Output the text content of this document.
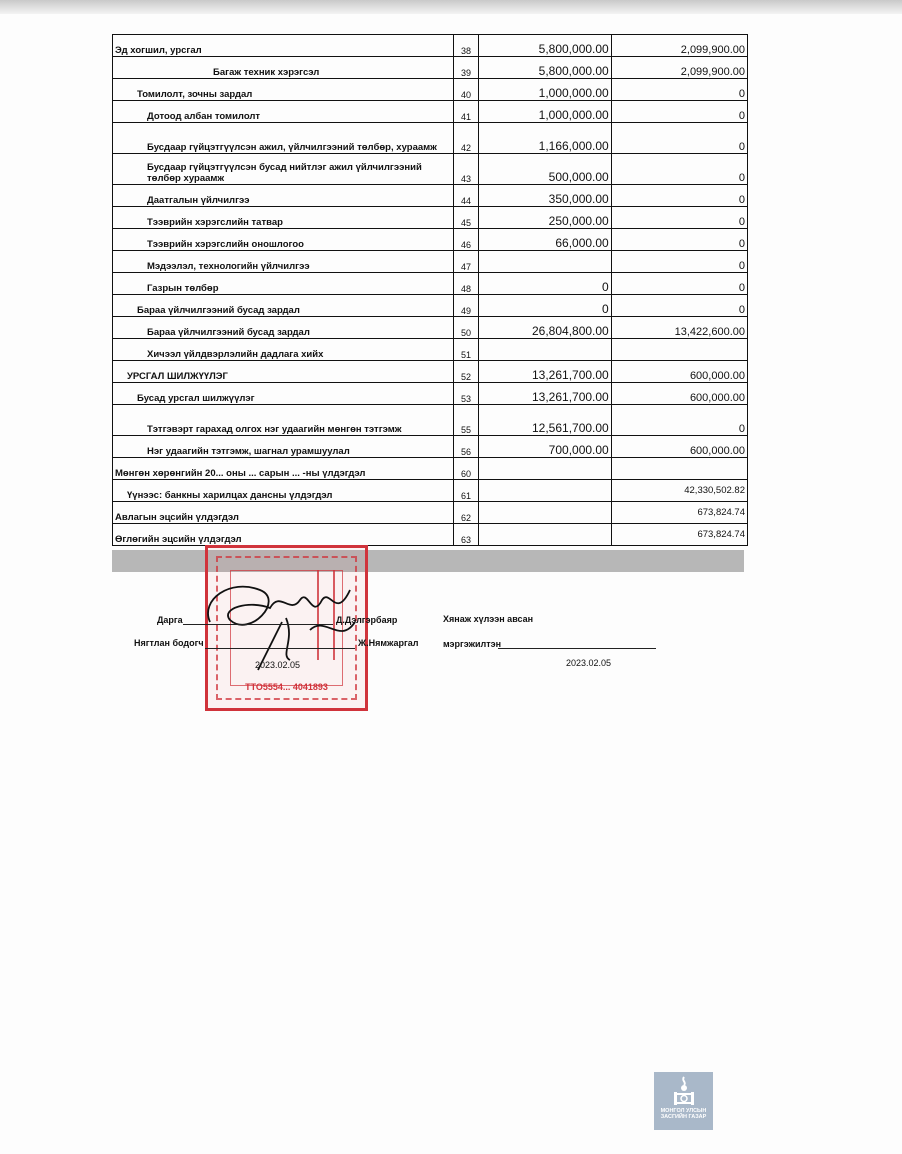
Эд хогшил, урсгал	38	5,800,000.00	2,099,900.00
Багаж техник хэрэгсэл	39	5,800,000.00	2,099,900.00
Томилолт, зочны зардал	40	1,000,000.00	0
Дотоод албан томилолт	41	1,000,000.00	0
Бусдаар гүйцэтгүүлсэн ажил, үйлчилгээний төлбөр, хураамж	42	1,166,000.00	0
Бусдаар гүйцэтгүүлсэн бусад нийтлэг ажил үйлчилгээний төлбөр хураамж	43	500,000.00	0
Даатгалын үйлчилгээ	44	350,000.00	0
Тээврийн хэрэгслийн татвар	45	250,000.00	0
Тээврийн хэрэгслийн оношлогоо	46	66,000.00	0
Мэдээлэл, технологийн үйлчилгээ	47		0
Газрын төлбөр	48	0	0
Бараа үйлчилгээний бусад зардал	49	0	0
Бараа үйлчилгээний бусад зардал	50	26,804,800.00	13,422,600.00
Хичээл үйлдвэрлэлийн дадлага хийх	51		
УРСГАЛ ШИЛЖҮҮЛЭГ	52	13,261,700.00	600,000.00
Бусад урсгал шилжүүлэг	53	13,261,700.00	600,000.00
Тэтгэвэрт гарахад олгох нэг удаагийн мөнгөн тэтгэмж	55	12,561,700.00	0
Нэг удаагийн тэтгэмж, шагнал урамшуулал	56	700,000.00	600,000.00
Мөнгөн хөрөнгийн 20... оны ... сарын ... -ны үлдэгдэл	60		
Үүнээс: банкны харилцах дансны үлдэгдэл	61		42,330,502.82
Авлагын эцсийн үлдэгдэл	62		673,824.74
Өглөгийн эцсийн үлдэгдэл	63		673,824.74
ТТО5554... 4041893
Дарга	Д.Дэлгэрбаяр
Нягтлан бодогч	Ж.Нямжаргал
2023.02.05
Хянаж хүлээн авсан
мэргэжилтэн
2023.02.05
МОНГОЛ УЛСЫН
ЗАСГИЙН ГАЗАР
